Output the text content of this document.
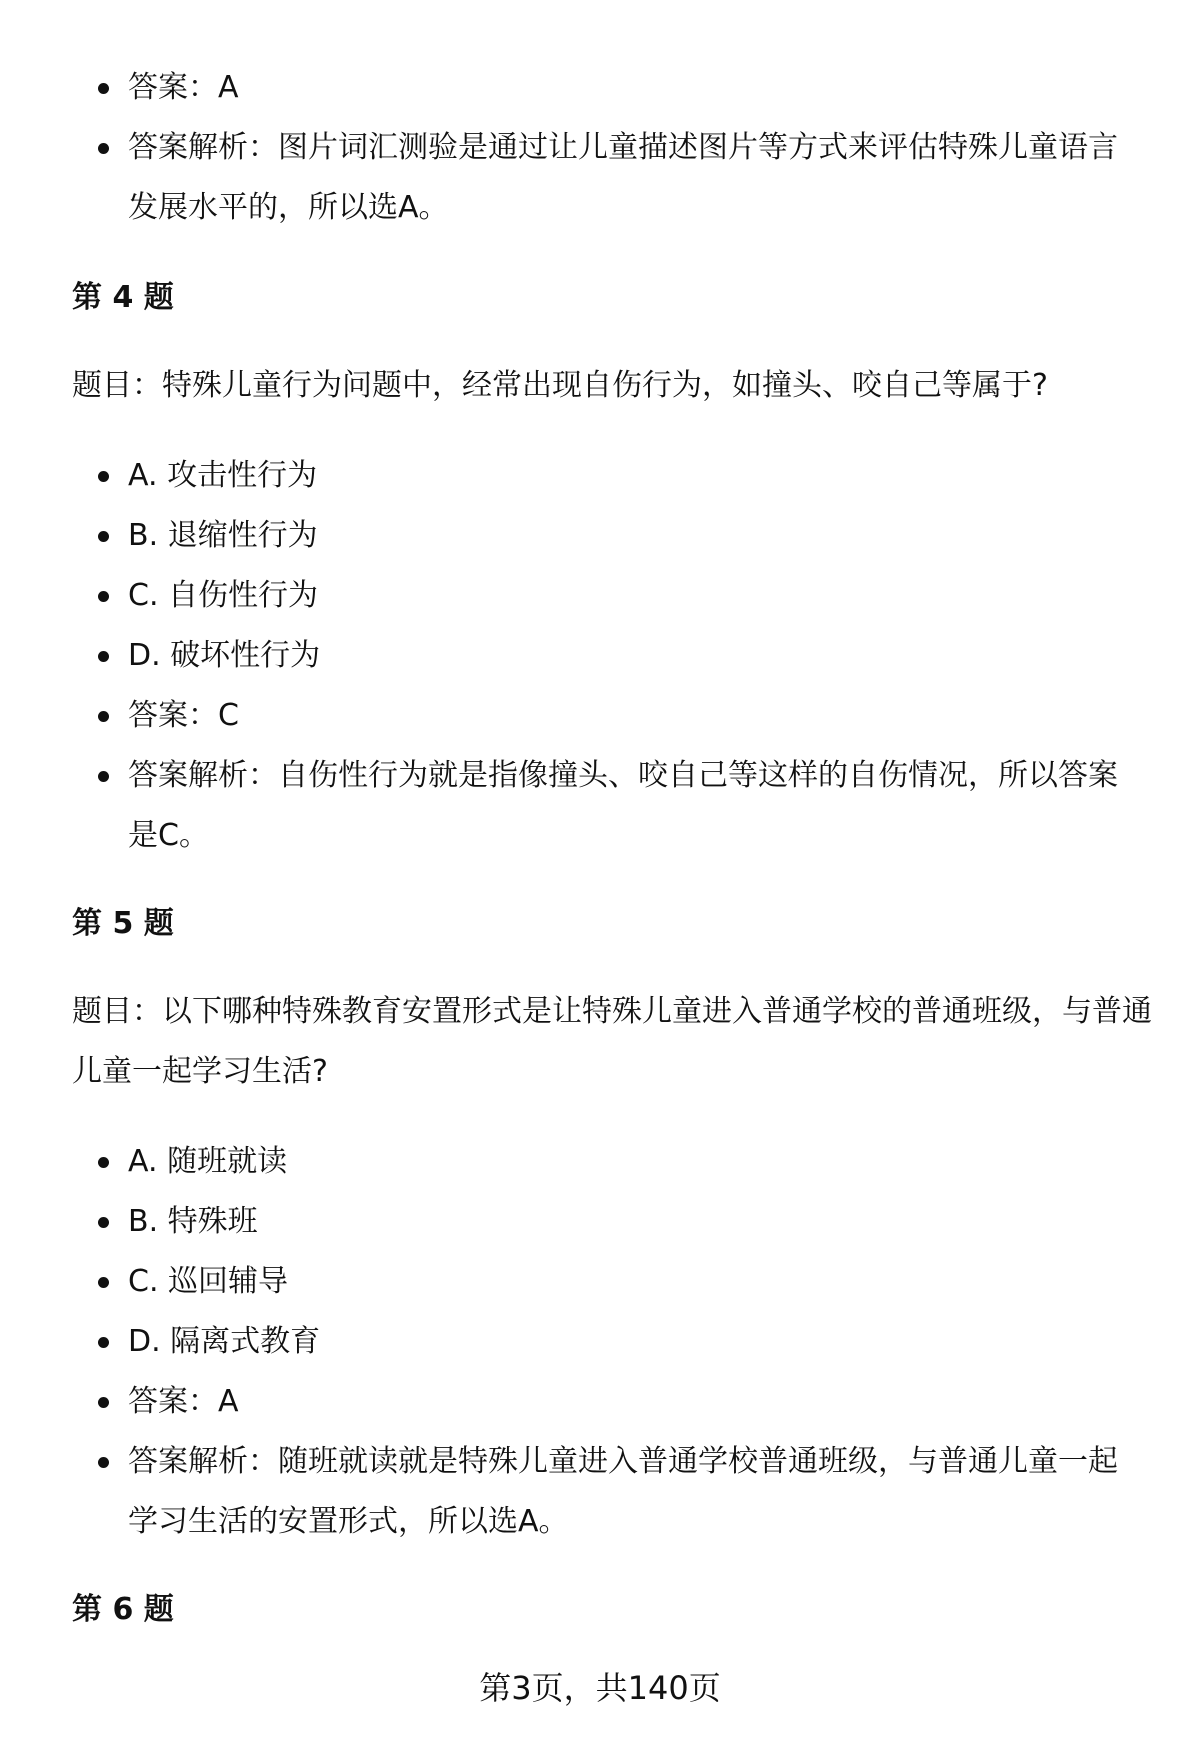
答案：A
答案解析：图片词汇测验是通过让儿童描述图片等方式来评估特殊儿童语言发展水平的，所以选A。
第 4 题
题目：特殊儿童行为问题中，经常出现自伤行为，如撞头、咬自己等属于?
A. 攻击性行为
B. 退缩性行为
C. 自伤性行为
D. 破坏性行为
答案：C
答案解析：自伤性行为就是指像撞头、咬自己等这样的自伤情况，所以答案是C。
第 5 题
题目：以下哪种特殊教育安置形式是让特殊儿童进入普通学校的普通班级，与普通儿童一起学习生活?
A. 随班就读
B. 特殊班
C. 巡回辅导
D. 隔离式教育
答案：A
答案解析：随班就读就是特殊儿童进入普通学校普通班级，与普通儿童一起学习生活的安置形式，所以选A。
第 6 题
第3页，共140页
